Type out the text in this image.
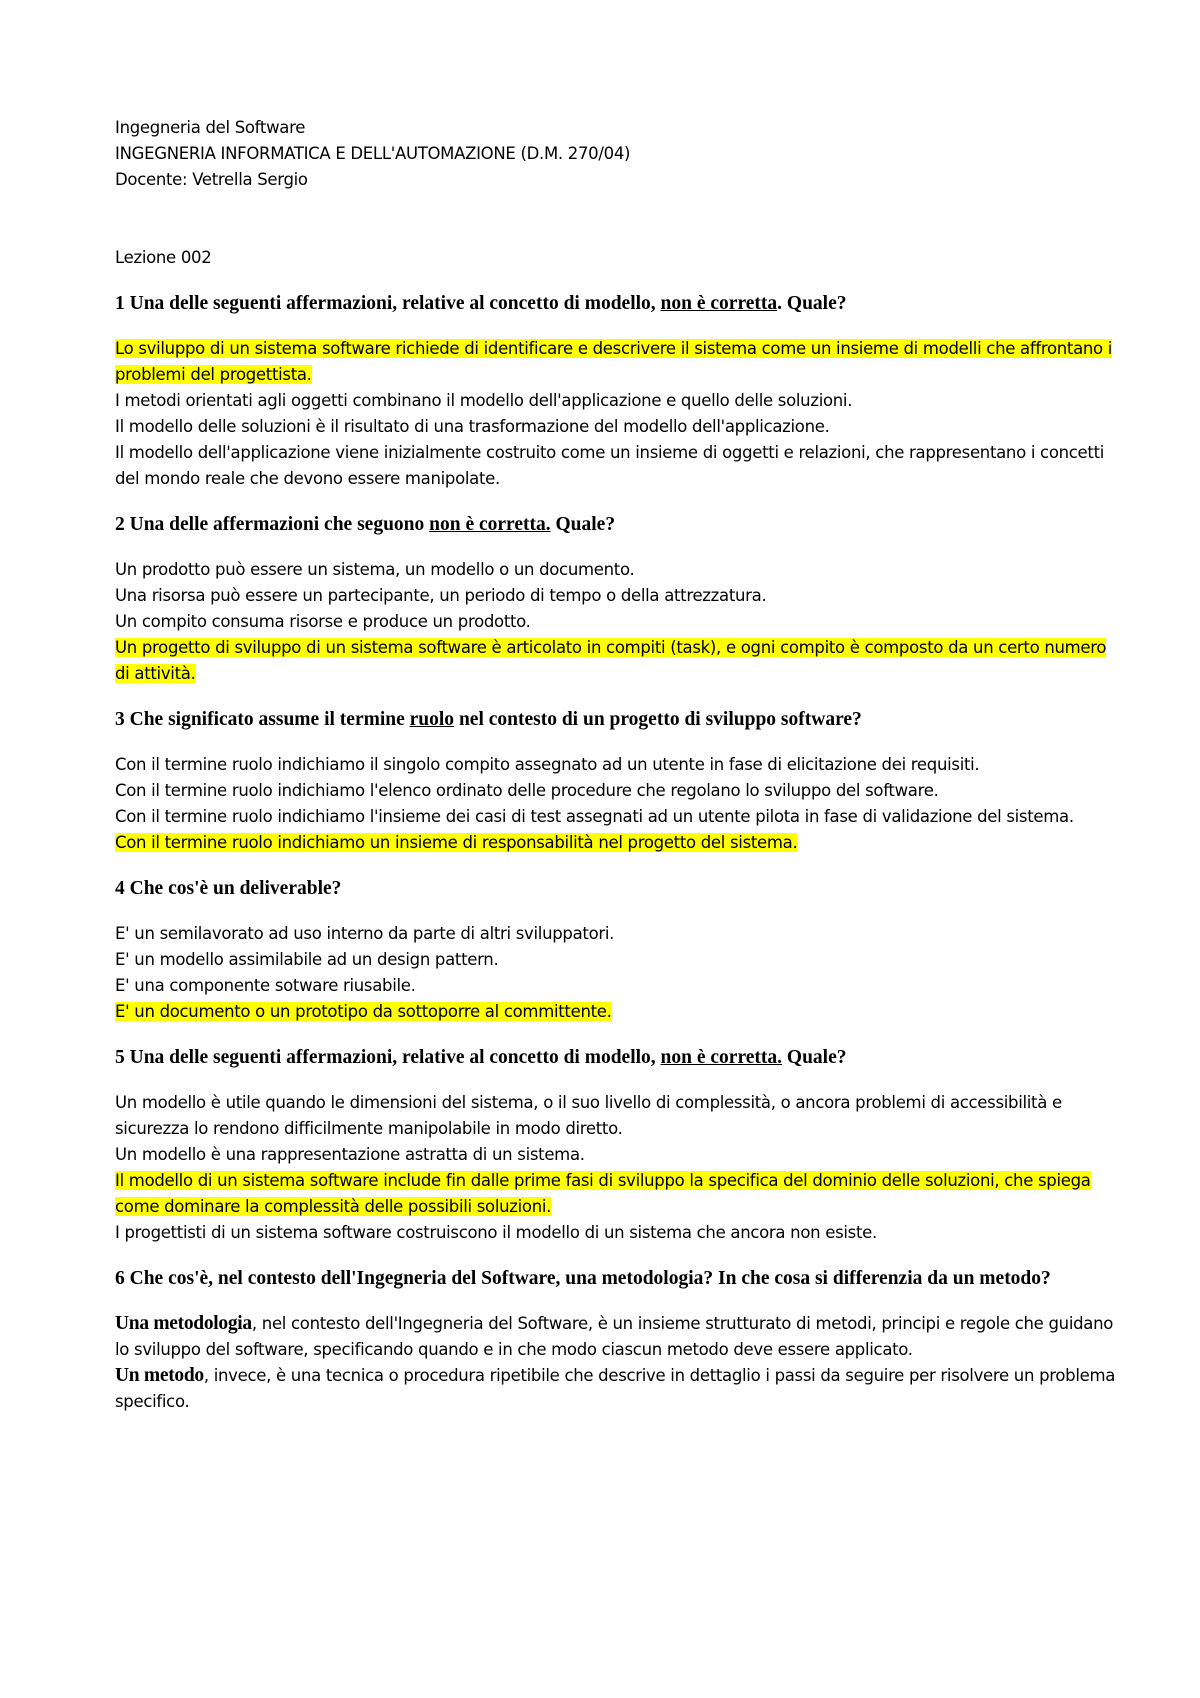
Ingegneria del Software
INGEGNERIA INFORMATICA E DELL'AUTOMAZIONE (D.M. 270/04)
Docente: Vetrella Sergio
Lezione 002

1 Una delle seguenti affermazioni, relative al concetto di modello, non è corretta. Quale?

Lo sviluppo di un sistema software richiede di identificare e descrivere il sistema come un insieme di modelli che affrontano i problemi del progettista.
I metodi orientati agli oggetti combinano il modello dell'applicazione e quello delle soluzioni.
Il modello delle soluzioni è il risultato di una trasformazione del modello dell'applicazione.
Il modello dell'applicazione viene inizialmente costruito come un insieme di oggetti e relazioni, che rappresentano i concetti del mondo reale che devono essere manipolate.

2 Una delle affermazioni che seguono non è corretta. Quale?

Un prodotto può essere un sistema, un modello o un documento.
Una risorsa può essere un partecipante, un periodo di tempo o della attrezzatura.
Un compito consuma risorse e produce un prodotto.
Un progetto di sviluppo di un sistema software è articolato in compiti (task), e ogni compito è composto da un certo numero di attività.

3 Che significato assume il termine ruolo nel contesto di un progetto di sviluppo software?

Con il termine ruolo indichiamo il singolo compito assegnato ad un utente in fase di elicitazione dei requisiti.
Con il termine ruolo indichiamo l'elenco ordinato delle procedure che regolano lo sviluppo del software.
Con il termine ruolo indichiamo l'insieme dei casi di test assegnati ad un utente pilota in fase di validazione del sistema.
Con il termine ruolo indichiamo un insieme di responsabilità nel progetto del sistema.

4 Che cos'è un deliverable?

E' un semilavorato ad uso interno da parte di altri sviluppatori.
E' un modello assimilabile ad un design pattern.
E' una componente sotware riusabile.
E' un documento o un prototipo da sottoporre al committente.

5 Una delle seguenti affermazioni, relative al concetto di modello, non è corretta. Quale?

Un modello è utile quando le dimensioni del sistema, o il suo livello di complessità, o ancora problemi di accessibilità e sicurezza lo rendono difficilmente manipolabile in modo diretto.
Un modello è una rappresentazione astratta di un sistema.
Il modello di un sistema software include fin dalle prime fasi di sviluppo la specifica del dominio delle soluzioni, che spiega come dominare la complessità delle possibili soluzioni.
I progettisti di un sistema software costruiscono il modello di un sistema che ancora non esiste.

6 Che cos'è, nel contesto dell'Ingegneria del Software, una metodologia? In che cosa si differenzia da un metodo?

Una metodologia, nel contesto dell'Ingegneria del Software, è un insieme strutturato di metodi, principi e regole che guidano lo sviluppo del software, specificando quando e in che modo ciascun metodo deve essere applicato.
Un metodo, invece, è una tecnica o procedura ripetibile che descrive in dettaglio i passi da seguire per risolvere un problema specifico.
